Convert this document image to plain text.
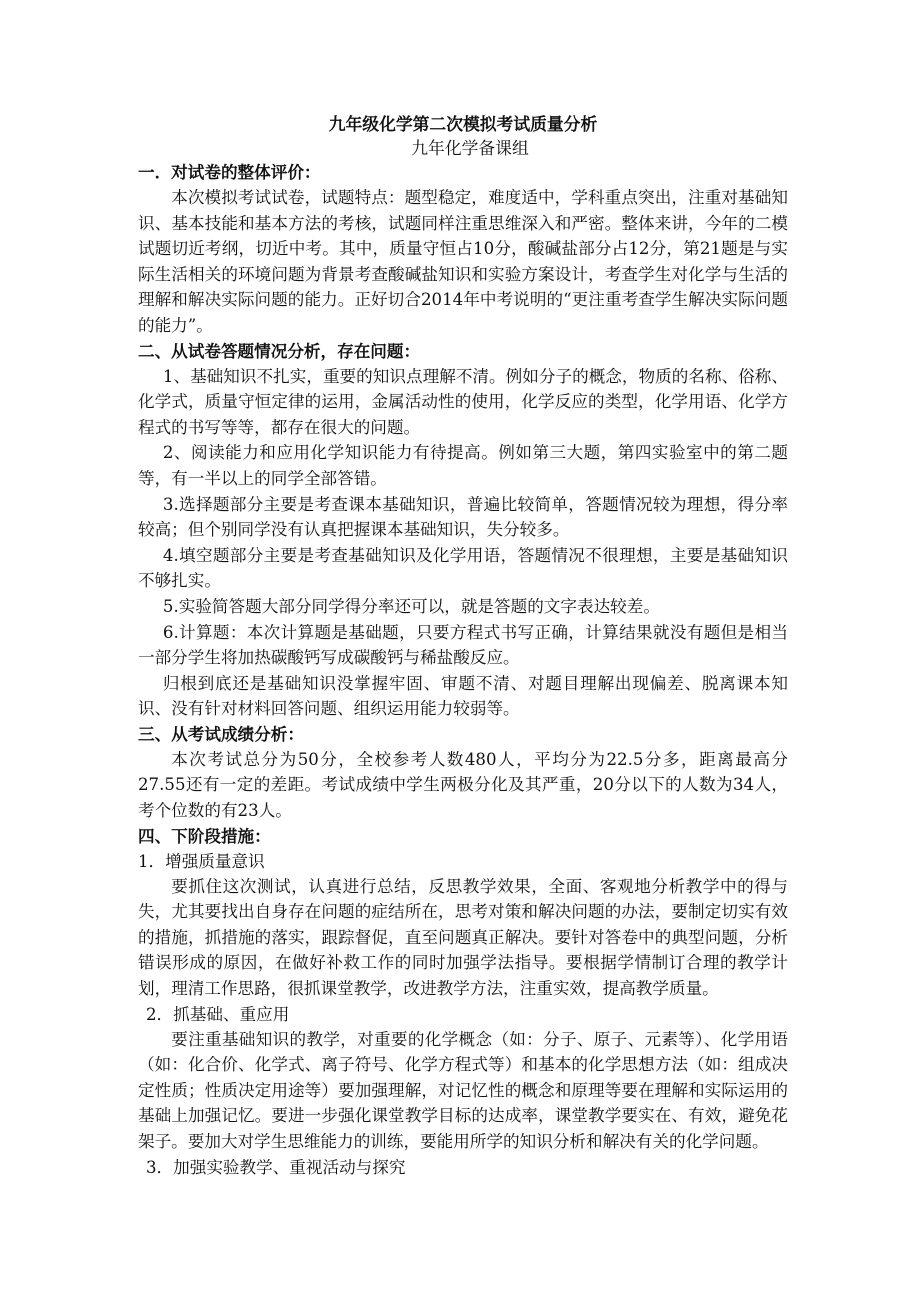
九年级化学第二次模拟考试质量分析

九年化学备课组

一．对试卷的整体评价：

本次模拟考试试卷，试题特点：题型稳定，难度适中，学科重点突出，注重对基础知识、基本技能和基本方法的考核，试题同样注重思维深入和严密。整体来讲，今年的二模试题切近考纲，切近中考。其中，质量守恒占10分，酸碱盐部分占12分，第21题是与实际生活相关的环境问题为背景考查酸碱盐知识和实验方案设计，考查学生对化学与生活的理解和解决实际问题的能力。正好切合2014年中考说明的“更注重考查学生解决实际问题的能力”。

二、从试卷答题情况分析，存在问题：

1、基础知识不扎实，重要的知识点理解不清。例如分子的概念，物质的名称、俗称、化学式，质量守恒定律的运用，金属活动性的使用，化学反应的类型，化学用语、化学方程式的书写等等，都存在很大的问题。

2、阅读能力和应用化学知识能力有待提高。例如第三大题，第四实验室中的第二题等，有一半以上的同学全部答错。

3.选择题部分主要是考查课本基础知识，普遍比较简单，答题情况较为理想，得分率较高；但个别同学没有认真把握课本基础知识，失分较多。

4.填空题部分主要是考查基础知识及化学用语，答题情况不很理想，主要是基础知识不够扎实。

5.实验简答题大部分同学得分率还可以，就是答题的文字表达较差。

6.计算题：本次计算题是基础题，只要方程式书写正确，计算结果就没有题但是相当一部分学生将加热碳酸钙写成碳酸钙与稀盐酸反应。

归根到底还是基础知识没掌握牢固、审题不清、对题目理解出现偏差、脱离课本知识、没有针对材料回答问题、组织运用能力较弱等。

三、从考试成绩分析：

本次考试总分为50分，全校参考人数480人，平均分为22.5分多，距离最高分27.55还有一定的差距。考试成绩中学生两极分化及其严重，20分以下的人数为34人，考个位数的有23人。

四、下阶段措施：

1．增强质量意识

要抓住这次测试，认真进行总结，反思教学效果，全面、客观地分析教学中的得与失，尤其要找出自身存在问题的症结所在，思考对策和解决问题的办法，要制定切实有效的措施，抓措施的落实，跟踪督促，直至问题真正解决。要针对答卷中的典型问题，分析错误形成的原因，在做好补救工作的同时加强学法指导。要根据学情制订合理的教学计划，理清工作思路，很抓课堂教学，改进教学方法，注重实效，提高教学质量。

2．抓基础、重应用

要注重基础知识的教学，对重要的化学概念（如：分子、原子、元素等）、化学用语（如：化合价、化学式、离子符号、化学方程式等）和基本的化学思想方法（如：组成决定性质；性质决定用途等）要加强理解，对记忆性的概念和原理等要在理解和实际运用的基础上加强记忆。要进一步强化课堂教学目标的达成率，课堂教学要实在、有效，避免花架子。要加大对学生思维能力的训练，要能用所学的知识分析和解决有关的化学问题。

3．加强实验教学、重视活动与探究
